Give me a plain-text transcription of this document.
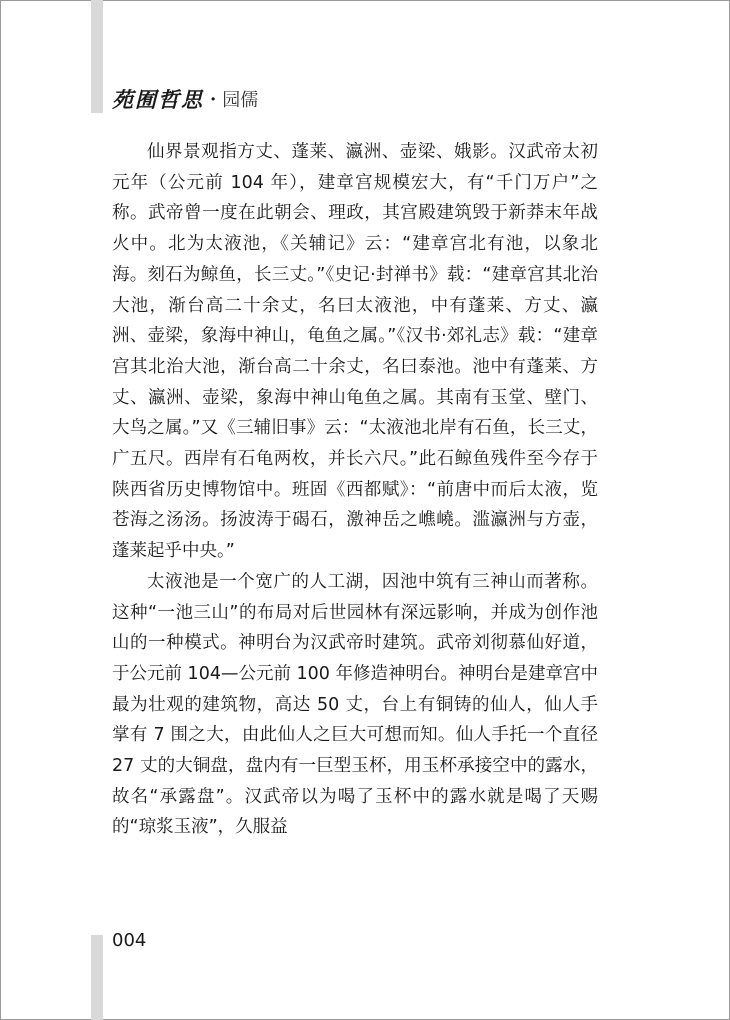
苑囿哲思 · 园儒

仙界景观指方丈、蓬莱、瀛洲、壶梁、娥影。汉武帝太初元年（公元前 104 年），建章宫规模宏大，有“千门万户”之称。武帝曾一度在此朝会、理政，其宫殿建筑毁于新莽末年战火中。北为太液池，《关辅记》云：“建章宫北有池，以象北海。刻石为鲸鱼，长三丈。”《史记·封禅书》载：“建章宫其北治大池，渐台高二十余丈，名曰太液池，中有蓬莱、方丈、瀛洲、壶梁，象海中神山，龟鱼之属。”《汉书·郊礼志》载：“建章宫其北治大池，渐台高二十余丈，名曰泰池。池中有蓬莱、方丈、瀛洲、壶梁，象海中神山龟鱼之属。其南有玉堂、壁门、大鸟之属。”又《三辅旧事》云：“太液池北岸有石鱼，长三丈，广五尺。西岸有石龟两枚，并长六尺。”此石鲸鱼残件至今存于陕西省历史博物馆中。班固《西都赋》：“前唐中而后太液，览苍海之汤汤。扬波涛于碣石，激神岳之嶕嶢。滥瀛洲与方壶，蓬莱起乎中央。”

太液池是一个宽广的人工湖，因池中筑有三神山而著称。这种“一池三山”的布局对后世园林有深远影响，并成为创作池山的一种模式。神明台为汉武帝时建筑。武帝刘彻慕仙好道，于公元前 104—公元前 100 年修造神明台。神明台是建章宫中最为壮观的建筑物，高达 50 丈，台上有铜铸的仙人，仙人手掌有 7 围之大，由此仙人之巨大可想而知。仙人手托一个直径 27 丈的大铜盘，盘内有一巨型玉杯，用玉杯承接空中的露水，故名“承露盘”。汉武帝以为喝了玉杯中的露水就是喝了天赐的“琼浆玉液”，久服益

004
